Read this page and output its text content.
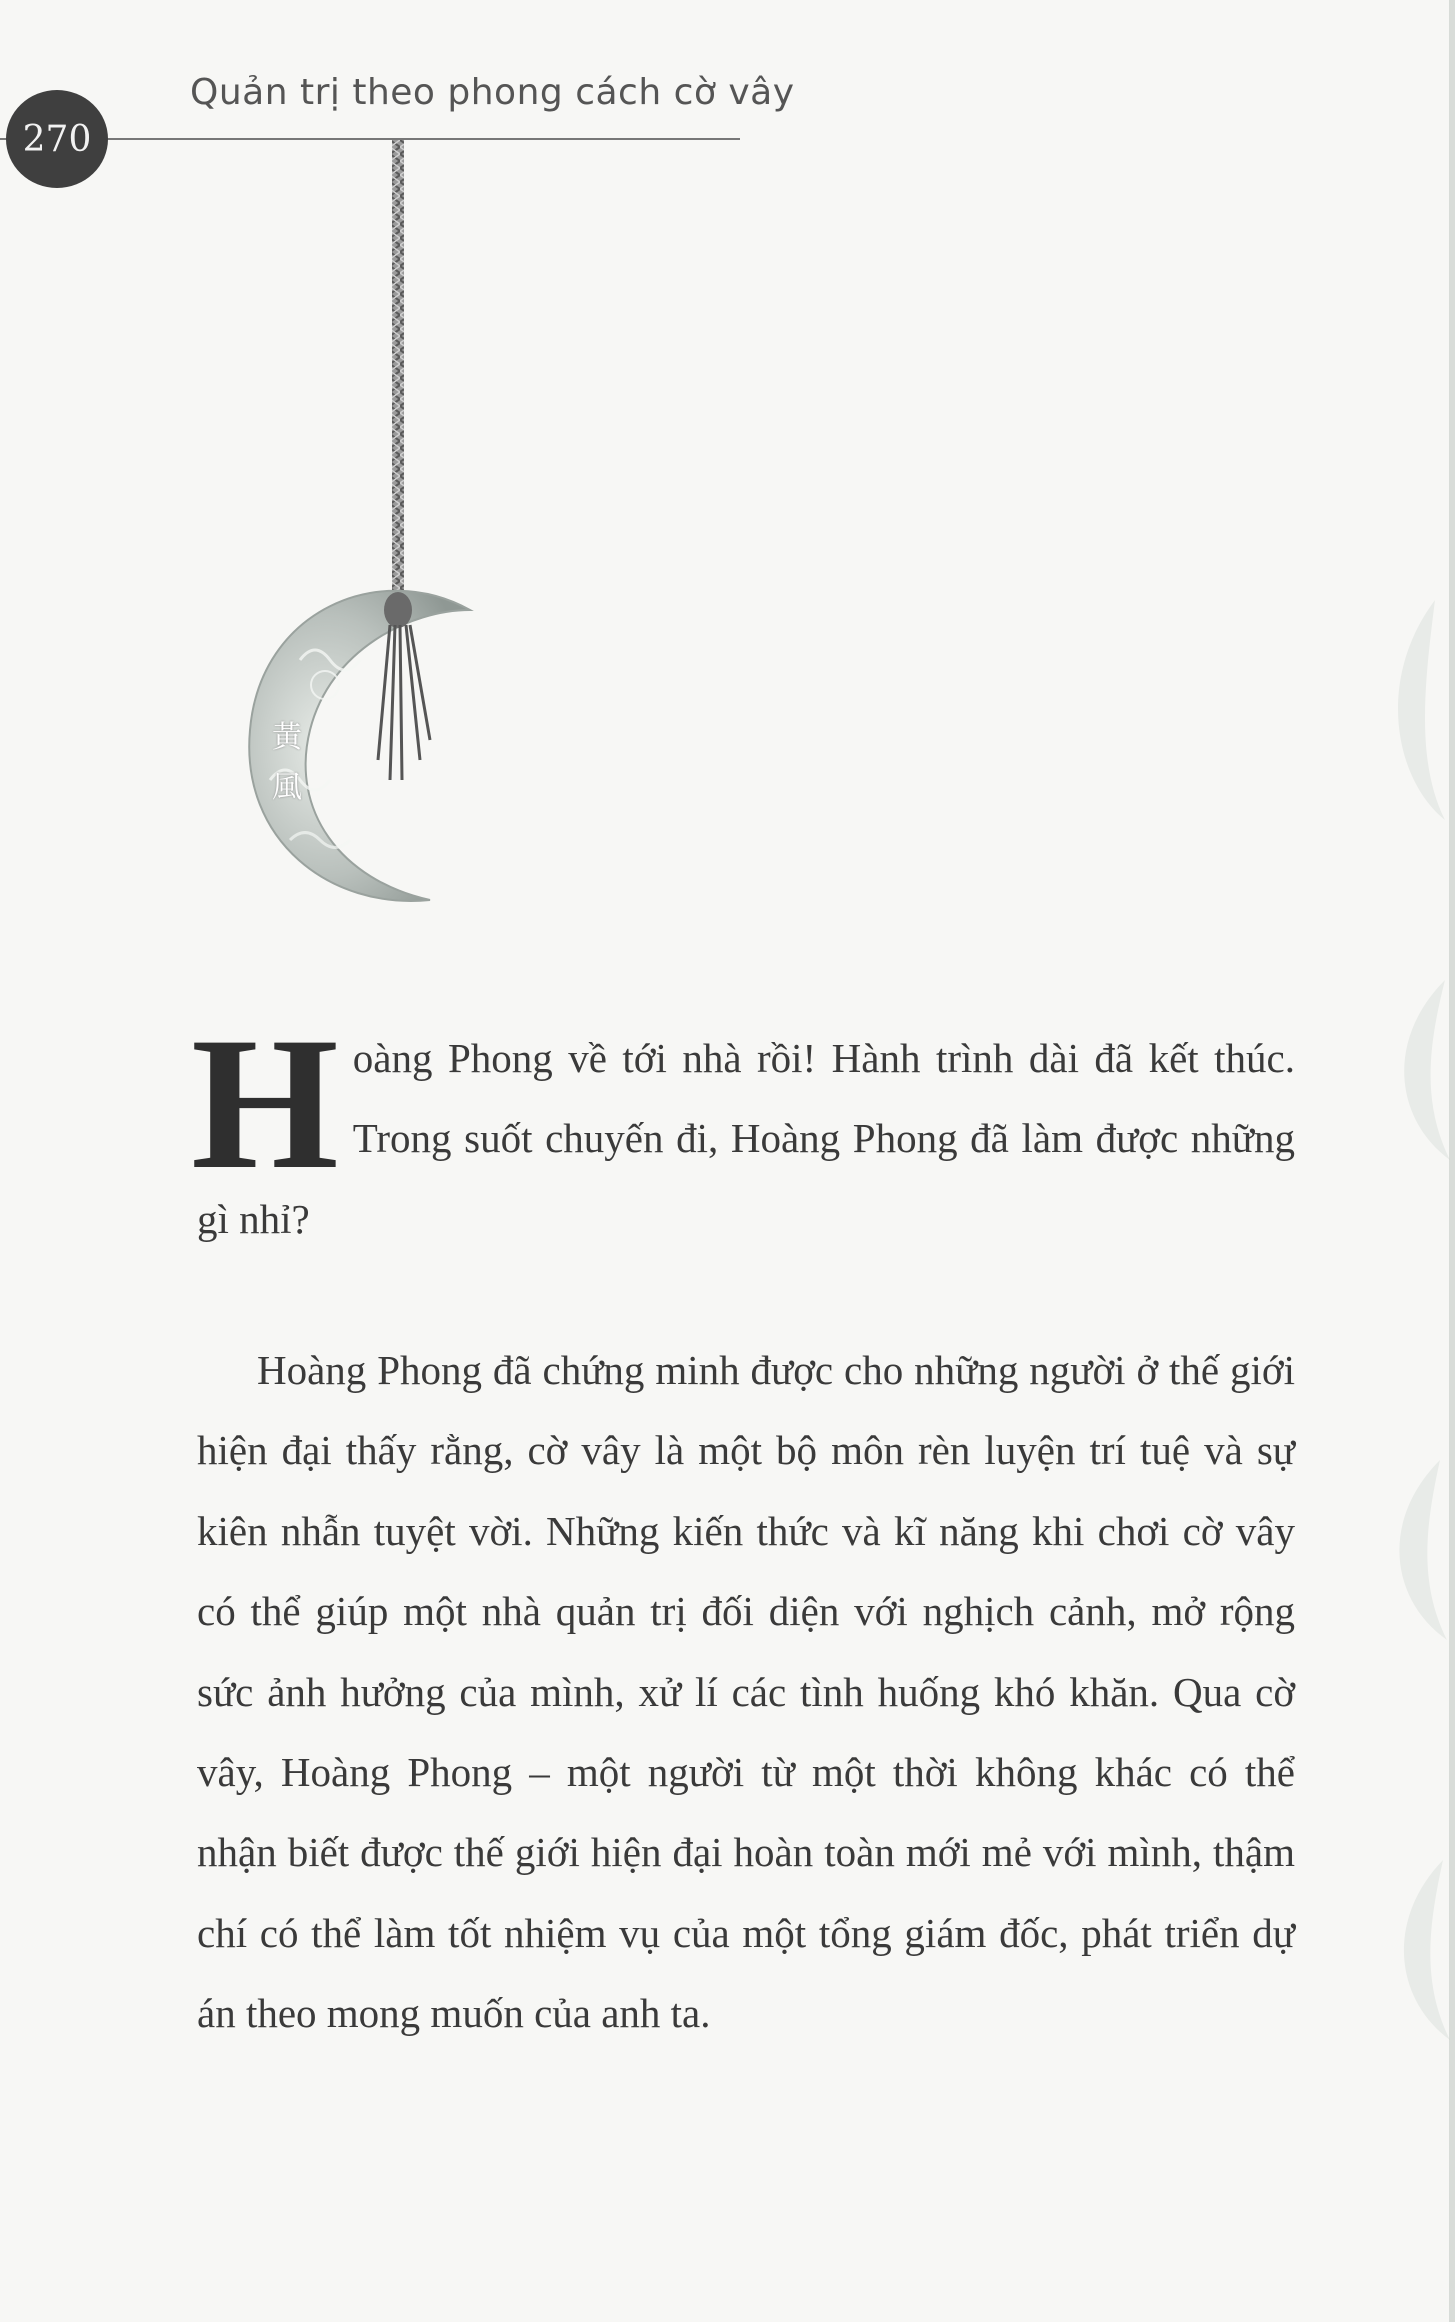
Quản trị theo phong cách cờ vây
270
黃
風

Hoàng Phong về tới nhà rồi! Hành trình dài đã kết thúc. Trong suốt chuyến đi, Hoàng Phong đã làm được những gì nhỉ?

Hoàng Phong đã chứng minh được cho những người ở thế giới hiện đại thấy rằng, cờ vây là một bộ môn rèn luyện trí tuệ và sự kiên nhẫn tuyệt vời. Những kiến thức và kĩ năng khi chơi cờ vây có thể giúp một nhà quản trị đối diện với nghịch cảnh, mở rộng sức ảnh hưởng của mình, xử lí các tình huống khó khăn. Qua cờ vây, Hoàng Phong – một người từ một thời không khác có thể nhận biết được thế giới hiện đại hoàn toàn mới mẻ với mình, thậm chí có thể làm tốt nhiệm vụ của một tổng giám đốc, phát triển dự án theo mong muốn của anh ta.
